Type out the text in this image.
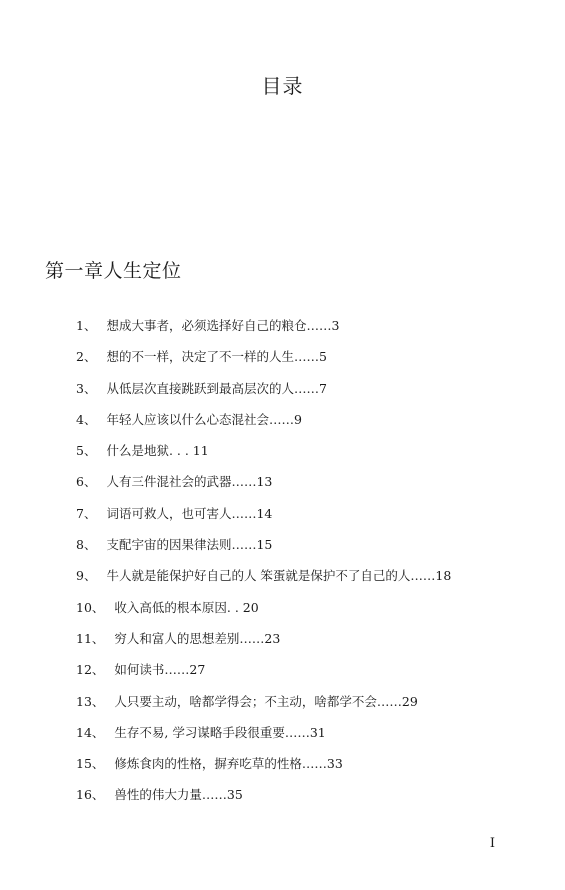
目录
第一章人生定位
1、 想成大事者，必须选择好自己的粮仓……3
2、 想的不一样，决定了不一样的人生……5
3、 从低层次直接跳跃到最高层次的人……7
4、 年轻人应该以什么心态混社会……9
5、 什么是地狱. . . 11
6、 人有三件混社会的武器……13
7、 词语可救人，也可害人……14
8、 支配宇宙的因果律法则……15
9、 牛人就是能保护好自己的人 笨蛋就是保护不了自己的人……18
10、 收入高低的根本原因. . 20
11、 穷人和富人的思想差别……23
12、 如何读书……27
13、 人只要主动，啥都学得会；不主动，啥都学不会……29
14、 生存不易, 学习谋略手段很重要……31
15、 修炼食肉的性格，摒弃吃草的性格……33
16、 兽性的伟大力量……35
I
